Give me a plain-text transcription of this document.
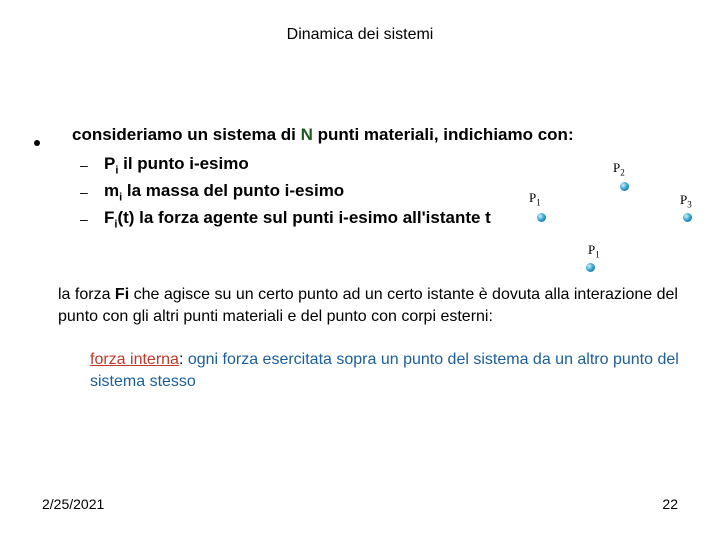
Dinamica dei sistemi
consideriamo un sistema di N punti materiali, indichiamo con:
– $P_i$ il punto i-esimo
– $m_i$ la massa del punto i-esimo
– $F_i(t)$ la forza agente sul punti i-esimo all'istante t
$P_2$
$P_1$	$P_3$
$P_1$
la forza Fi che agisce su un certo punto ad un certo istante è dovuta alla interazione del punto con gli altri punti materiali e del punto con corpi esterni:
forza interna: ogni forza esercitata sopra un punto del sistema da un altro punto del sistema stesso
2/25/2021	22
